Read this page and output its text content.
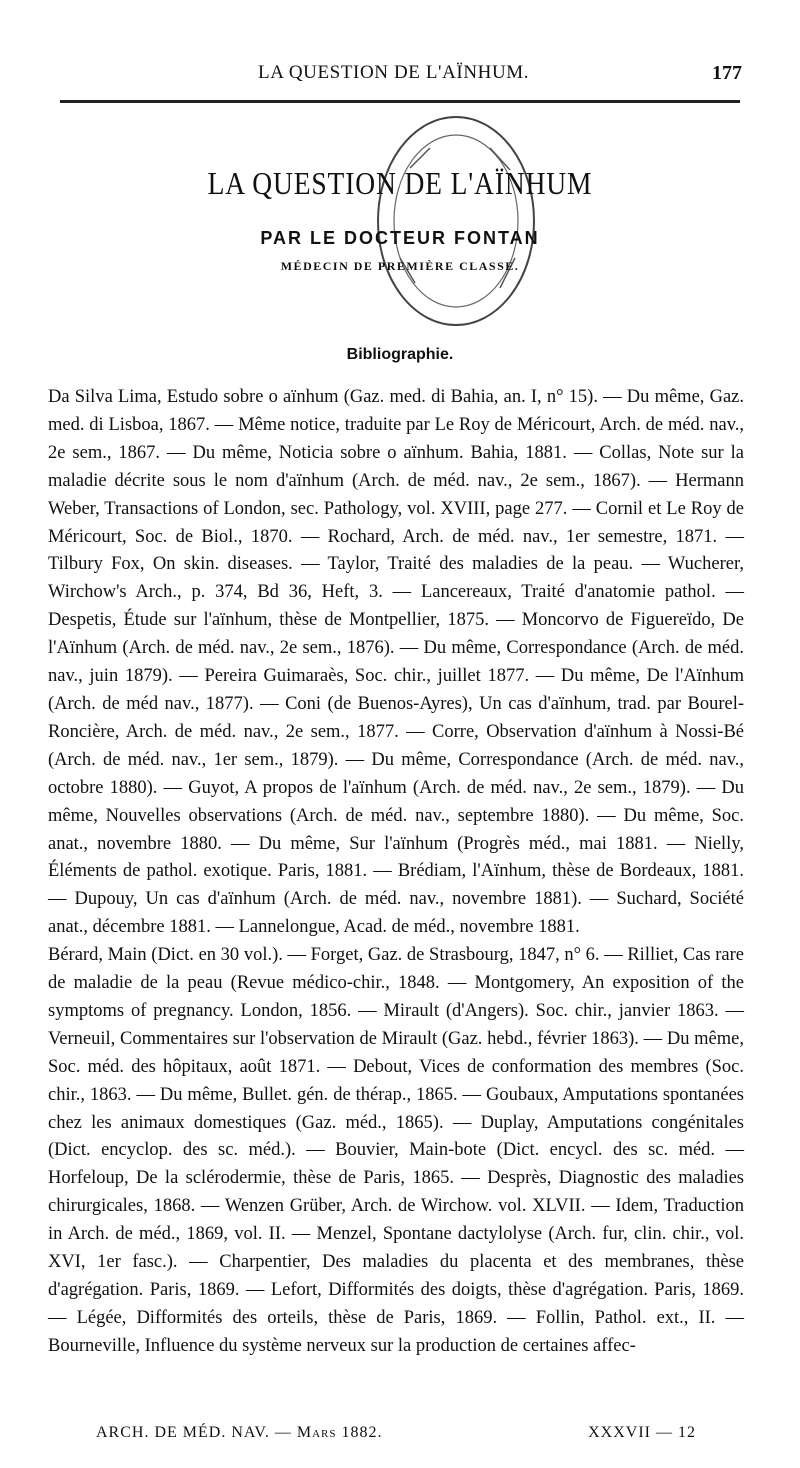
LA QUESTION DE L'AÏNHUM.	177
LA QUESTION DE L'AÏNHUM
PAR LE DOCTEUR FONTAN
MÉDECIN DE PREMIÈRE CLASSE.
Bibliographie.

Da Silva Lima, Estudo sobre o aïnhum (Gaz. med. di Bahia, an. I, n° 15). — Du même, Gaz. med. di Lisboa, 1867. — Même notice, traduite par Le Roy de Méricourt, Arch. de méd. nav., 2e sem., 1867. — Du même, Noticia sobre o aïnhum. Bahia, 1881. — Collas, Note sur la maladie décrite sous le nom d'aïnhum (Arch. de méd. nav., 2e sem., 1867). — Hermann Weber, Transactions of London, sec. Pathology, vol. XVIII, page 277. — Cornil et Le Roy de Méricourt, Soc. de Biol., 1870. — Rochard, Arch. de méd. nav., 1er semestre, 1871. — Tilbury Fox, On skin. diseases. — Taylor, Traité des maladies de la peau. — Wucherer, Wirchow's Arch., p. 374, Bd 36, Heft, 3. — Lancereaux, Traité d'anatomie pathol. — Despetis, Étude sur l'aïnhum, thèse de Montpellier, 1875. — Moncorvo de Figuereïdo, De l'Aïnhum (Arch. de méd. nav., 2e sem., 1876). — Du même, Correspondance (Arch. de méd. nav., juin 1879). — Pereira Guimaraès, Soc. chir., juillet 1877. — Du même, De l'Aïnhum (Arch. de méd nav., 1877). — Coni (de Buenos-Ayres), Un cas d'aïnhum, trad. par Bourel-Roncière, Arch. de méd. nav., 2e sem., 1877. — Corre, Observation d'aïnhum à Nossi-Bé (Arch. de méd. nav., 1er sem., 1879). — Du même, Correspondance (Arch. de méd. nav., octobre 1880). — Guyot, A propos de l'aïnhum (Arch. de méd. nav., 2e sem., 1879). — Du même, Nouvelles observations (Arch. de méd. nav., septembre 1880). — Du même, Soc. anat., novembre 1880. — Du même, Sur l'aïnhum (Progrès méd., mai 1881. — Nielly, Éléments de pathol. exotique. Paris, 1881. — Brédiam, l'Aïnhum, thèse de Bordeaux, 1881. — Dupouy, Un cas d'aïnhum (Arch. de méd. nav., novembre 1881). — Suchard, Société anat., décembre 1881. — Lannelongue, Acad. de méd., novembre 1881.

Bérard, Main (Dict. en 30 vol.). — Forget, Gaz. de Strasbourg, 1847, n° 6. — Rilliet, Cas rare de maladie de la peau (Revue médico-chir., 1848. — Montgomery, An exposition of the symptoms of pregnancy. London, 1856. — Mirault (d'Angers). Soc. chir., janvier 1863. — Verneuil, Commentaires sur l'observation de Mirault (Gaz. hebd., février 1863). — Du même, Soc. méd. des hôpitaux, août 1871. — Debout, Vices de conformation des membres (Soc. chir., 1863. — Du même, Bullet. gén. de thérap., 1865. — Goubaux, Amputations spontanées chez les animaux domestiques (Gaz. méd., 1865). — Duplay, Amputations congénitales (Dict. encyclop. des sc. méd.). — Bouvier, Main-bote (Dict. encycl. des sc. méd. — Horfeloup, De la sclérodermie, thèse de Paris, 1865. — Desprès, Diagnostic des maladies chirurgicales, 1868. — Wenzen Grüber, Arch. de Wirchow. vol. XLVII. — Idem, Traduction in Arch. de méd., 1869, vol. II. — Menzel, Spontane dactylolyse (Arch. fur, clin. chir., vol. XVI, 1er fasc.). — Charpentier, Des maladies du placenta et des membranes, thèse d'agrégation. Paris, 1869. — Lefort, Difformités des doigts, thèse d'agrégation. Paris, 1869. — Légée, Difformités des orteils, thèse de Paris, 1869. — Follin, Pathol. ext., II. — Bourneville, Influence du système nerveux sur la production de certaines affec-

ARCH. DE MÉD. NAV. — Mars 1882.	XXXVII — 12
